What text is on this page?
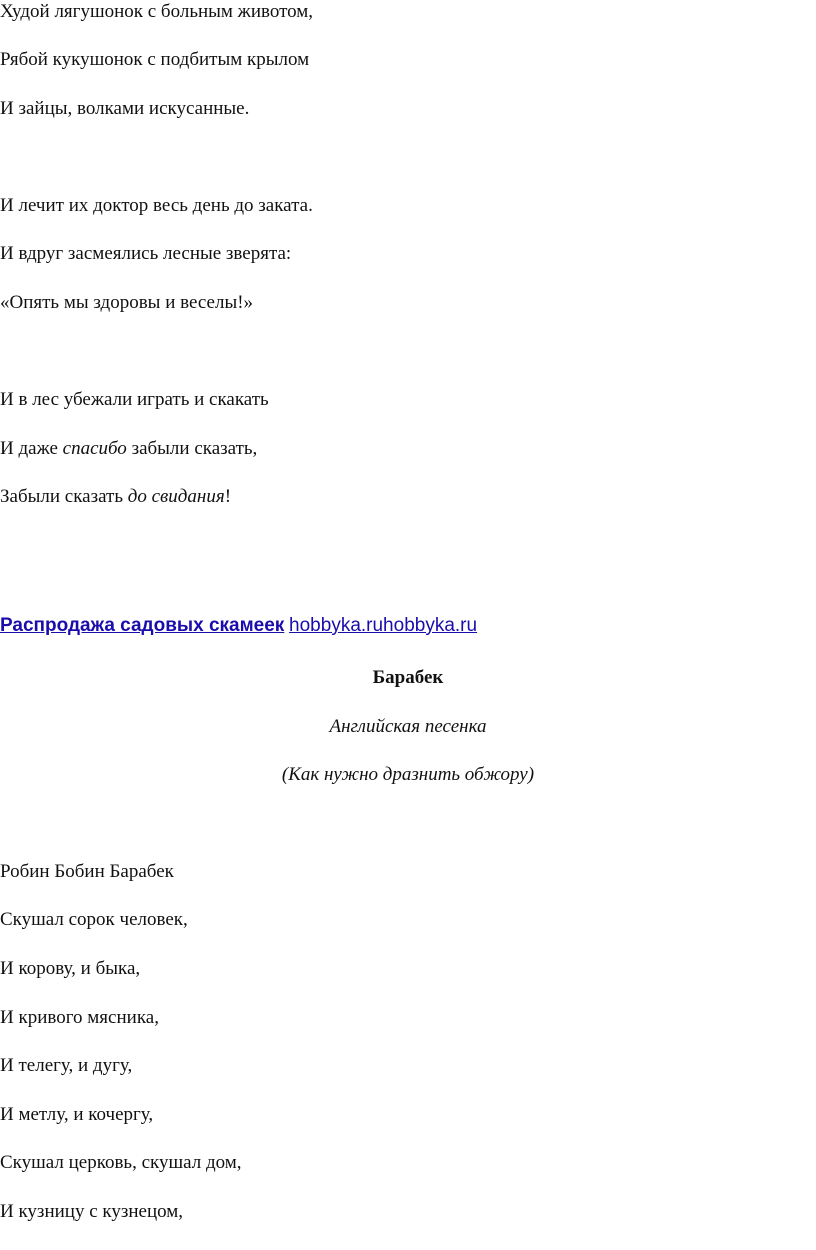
Худой лягушонок с больным животом,
Рябой кукушонок с подбитым крылом
И зайцы, волками искусанные.
И лечит их доктор весь день до заката.
И вдруг засмеялись лесные зверята:
«Опять мы здоровы и веселы!»
И в лес убежали играть и скакать
И даже спасибо забыли сказать,
Забыли сказать до свидания!
Распродажа садовых скамеек hobbyka.ruhobbyka.ru
Барабек
Английская песенка
(Как нужно дразнить обжору)
Робин Бобин Барабек
Скушал сорок человек,
И корову, и быка,
И кривого мясника,
И телегу, и дугу,
И метлу, и кочергу,
Скушал церковь, скушал дом,
И кузницу с кузнецом,
